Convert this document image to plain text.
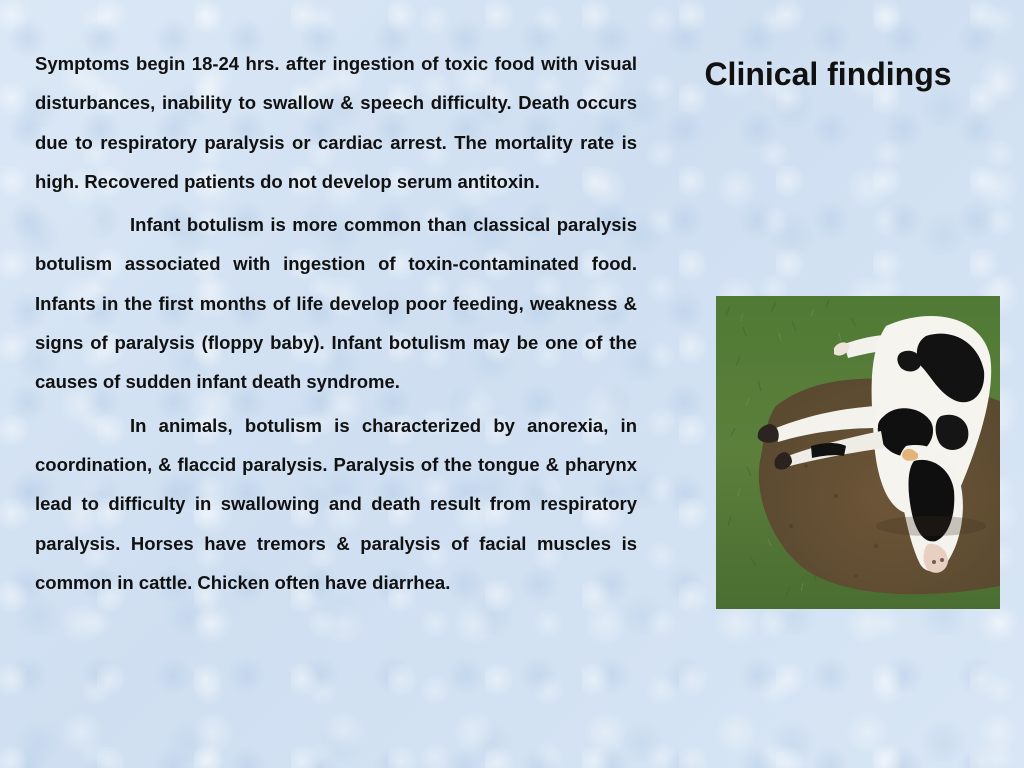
Symptoms begin 18-24 hrs. after ingestion of toxic food with visual disturbances, inability to swallow & speech difficulty. Death occurs due to respiratory paralysis or cardiac arrest. The mortality rate is high. Recovered patients do not develop serum antitoxin.

Infant botulism is more common than classical paralysis botulism associated with ingestion of toxin-contaminated food. Infants in the first months of life develop poor feeding, weakness & signs of paralysis (floppy baby). Infant botulism may be one of the causes of sudden infant death syndrome.

In animals, botulism is characterized by anorexia, in coordination, & flaccid paralysis. Paralysis of the tongue & pharynx lead to difficulty in swallowing and death result from respiratory paralysis. Horses have tremors & paralysis of facial muscles is common in cattle. Chicken often have diarrhea.

Clinical findings
